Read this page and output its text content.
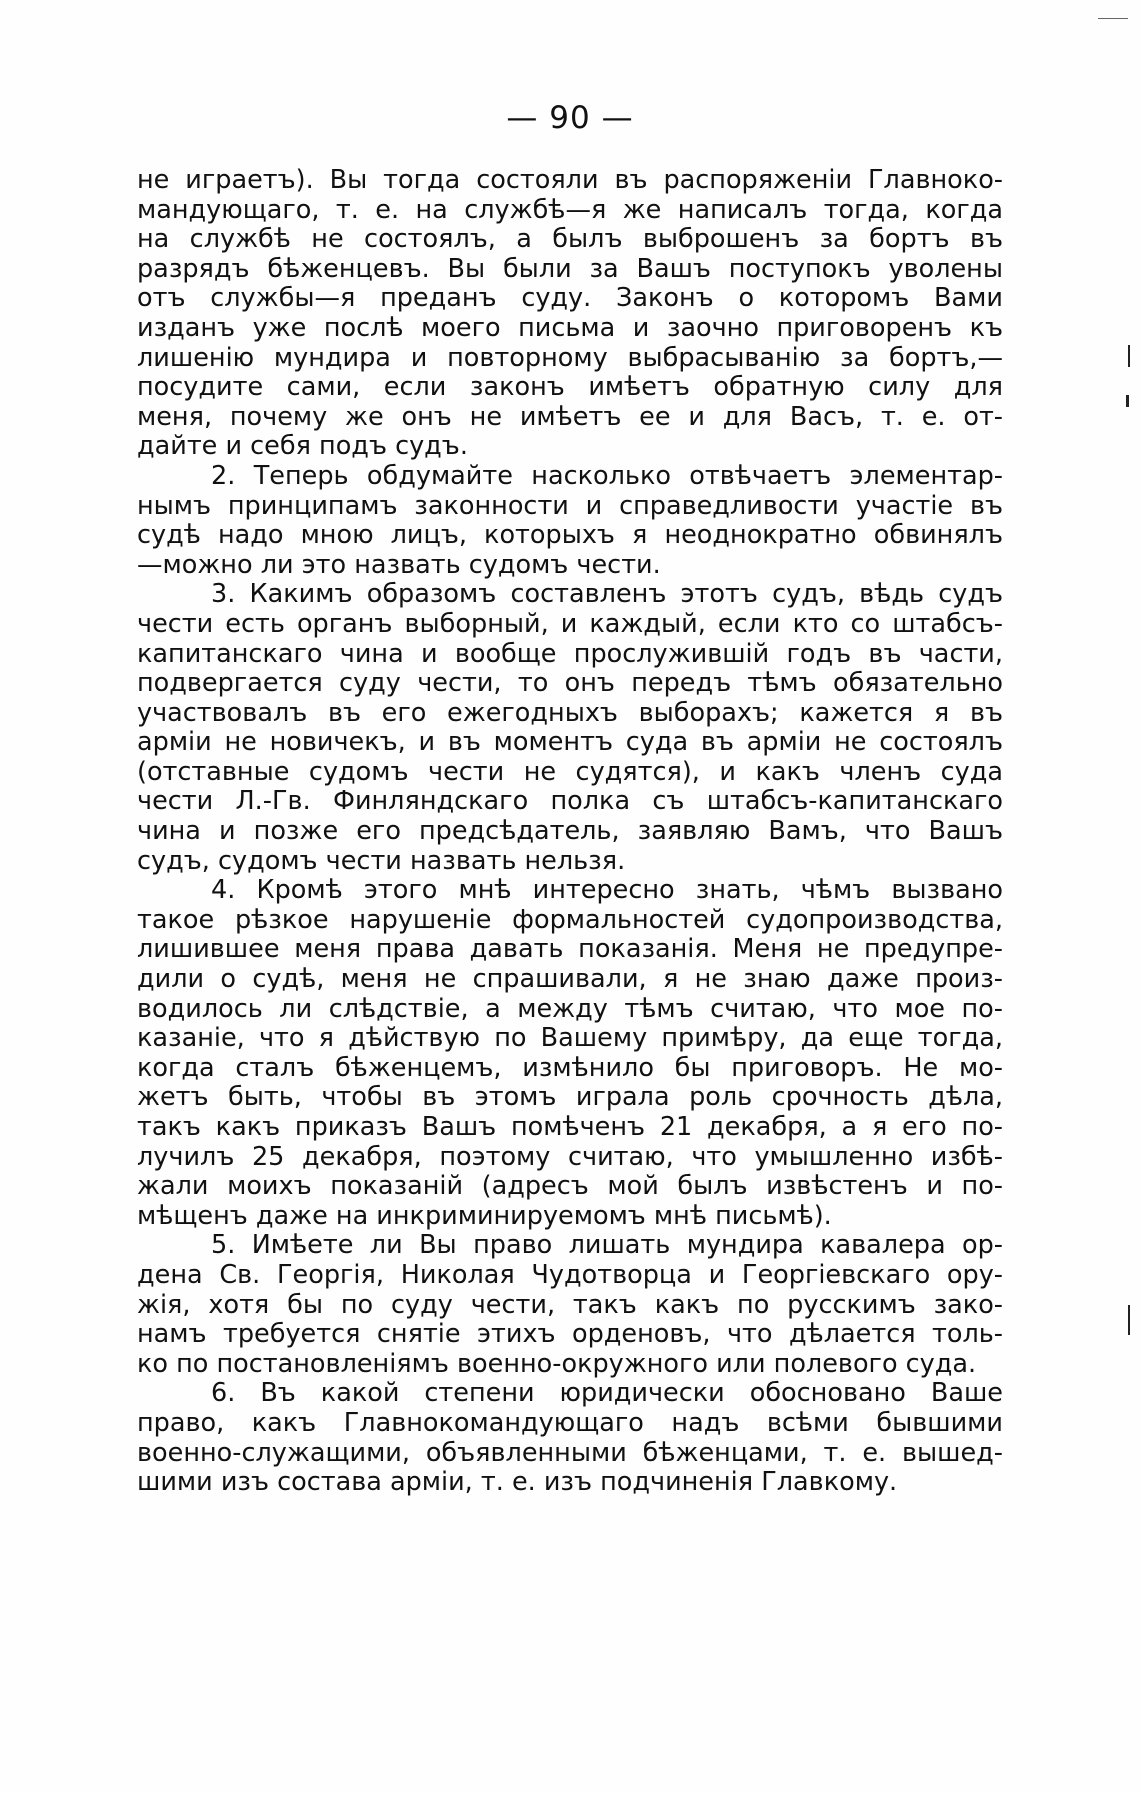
— 90 —
не играетъ). Вы тогда состояли въ распоряженіи Главноко-
мандующаго, т. е. на службѣ—я же написалъ тогда, когда
на службѣ не состоялъ, а былъ выброшенъ за бортъ въ
разрядъ бѣженцевъ. Вы были за Вашъ поступокъ уволены
отъ службы—я преданъ суду. Законъ о которомъ Вами
изданъ уже послѣ моего письма и заочно приговоренъ къ
лишенію мундира и повторному выбрасыванію за бортъ,—
посудите сами, если законъ имѣетъ обратную силу для
меня, почему же онъ не имѣетъ ее и для Васъ, т. е. от-
дайте и себя подъ судъ.
2. Теперь обдумайте насколько отвѣчаетъ элементар-
нымъ принципамъ законности и справедливости участіе въ
судѣ надо мною лицъ, которыхъ я неоднократно обвинялъ
—можно ли это назвать судомъ чести.
3. Какимъ образомъ составленъ этотъ судъ, вѣдь судъ
чести есть органъ выборный, и каждый, если кто со штабсъ-
капитанскаго чина и вообще прослужившій годъ въ части,
подвергается суду чести, то онъ передъ тѣмъ обязательно
участвовалъ въ его ежегодныхъ выборахъ; кажется я въ
арміи не новичекъ, и въ моментъ суда въ арміи не состоялъ
(отставные судомъ чести не судятся), и какъ членъ суда
чести Л.-Гв. Финляндскаго полка съ штабсъ-капитанскаго
чина и позже его предсѣдатель, заявляю Вамъ, что Вашъ
судъ, судомъ чести назвать нельзя.
4. Кромѣ этого мнѣ интересно знать, чѣмъ вызвано
такое рѣзкое нарушеніе формальностей судопроизводства,
лишившее меня права давать показанія. Меня не предупре-
дили о судѣ, меня не спрашивали, я не знаю даже произ-
водилось ли слѣдствіе, а между тѣмъ считаю, что мое по-
казаніе, что я дѣйствую по Вашему примѣру, да еще тогда,
когда сталъ бѣженцемъ, измѣнило бы приговоръ. Не мо-
жетъ быть, чтобы въ этомъ играла роль срочность дѣла,
такъ какъ приказъ Вашъ помѣченъ 21 декабря, а я его по-
лучилъ 25 декабря, поэтому считаю, что умышленно избѣ-
жали моихъ показаній (адресъ мой былъ извѣстенъ и по-
мѣщенъ даже на инкриминируемомъ мнѣ письмѣ).
5. Имѣете ли Вы право лишать мундира кавалера ор-
дена Св. Георгія, Николая Чудотворца и Георгіевскаго ору-
жія, хотя бы по суду чести, такъ какъ по русскимъ зако-
намъ требуется снятіе этихъ орденовъ, что дѣлается толь-
ко по постановленіямъ военно-окружного или полевого суда.
6. Въ какой степени юридически обосновано Ваше
право, какъ Главнокомандующаго надъ всѣми бывшими
военно-служащими, объявленными бѣженцами, т. е. вышед-
шими изъ состава арміи, т. е. изъ подчиненія Главкому.
